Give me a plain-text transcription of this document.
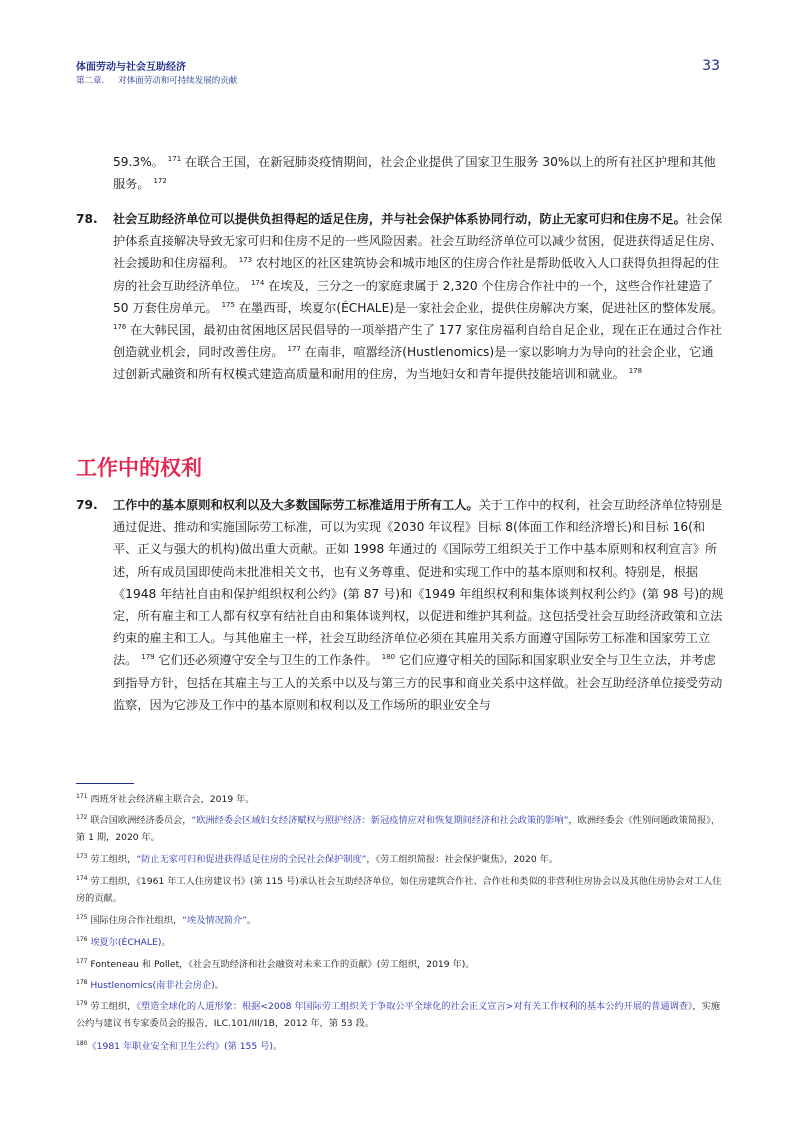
体面劳动与社会互助经济
第二章. 对体面劳动和可持续发展的贡献
33
59.3%。 $^{171}$ 在联合王国，在新冠肺炎疫情期间，社会企业提供了国家卫生服务 30%以上的所有社区护理和其他服务。 $^{172}$
78. 社会互助经济单位可以提供负担得起的适足住房，并与社会保护体系协同行动，防止无家可归和住房不足。社会保护体系直接解决导致无家可归和住房不足的一些风险因素。社会互助经济单位可以减少贫困，促进获得适足住房、社会援助和住房福利。 $^{173}$ 农村地区的社区建筑协会和城市地区的住房合作社是帮助低收入人口获得负担得起的住房的社会互助经济单位。 $^{174}$ 在埃及，三分之一的家庭隶属于 2,320 个住房合作社中的一个，这些合作社建造了 50 万套住房单元。 $^{175}$ 在墨西哥，埃夏尔(ÉCHALE)是一家社会企业，提供住房解决方案，促进社区的整体发展。 $^{176}$ 在大韩民国，最初由贫困地区居民倡导的一项举措产生了 177 家住房福利自给自足企业，现在正在通过合作社创造就业机会，同时改善住房。 $^{177}$ 在南非，喧嚣经济(Hustlenomics)是一家以影响力为导向的社会企业，它通过创新式融资和所有权模式建造高质量和耐用的住房，为当地妇女和青年提供技能培训和就业。 $^{178}$
工作中的权利
79. 工作中的基本原则和权利以及大多数国际劳工标准适用于所有工人。关于工作中的权利，社会互助经济单位特别是通过促进、推动和实施国际劳工标准，可以为实现《2030 年议程》目标 8(体面工作和经济增长)和目标 16(和平、正义与强大的机构)做出重大贡献。正如 1998 年通过的《国际劳工组织关于工作中基本原则和权利宣言》所述，所有成员国即使尚未批准相关文书，也有义务尊重、促进和实现工作中的基本原则和权利。特别是，根据《1948 年结社自由和保护组织权利公约》(第 87 号)和《1949 年组织权利和集体谈判权利公约》(第 98 号)的规定，所有雇主和工人都有权享有结社自由和集体谈判权，以促进和维护其利益。这包括受社会互助经济政策和立法约束的雇主和工人。与其他雇主一样，社会互助经济单位必须在其雇用关系方面遵守国际劳工标准和国家劳工立法。 $^{179}$ 它们还必须遵守安全与卫生的工作条件。 $^{180}$ 它们应遵守相关的国际和国家职业安全与卫生立法，并考虑到指导方针，包括在其雇主与工人的关系中以及与第三方的民事和商业关系中这样做。社会互助经济单位接受劳动监察，因为它涉及工作中的基本原则和权利以及工作场所的职业安全与
$^{171}$ 西班牙社会经济雇主联合会，2019 年。
$^{172}$ 联合国欧洲经济委员会，“欧洲经委会区域妇女经济赋权与照护经济：新冠疫情应对和恢复期间经济和社会政策的影响”，欧洲经委会《性别问题政策简报》，第 1 期，2020 年。
$^{173}$ 劳工组织，“防止无家可归和促进获得适足住房的全民社会保护制度”，《劳工组织简报：社会保护聚焦》，2020 年。
$^{174}$ 劳工组织，《1961 年工人住房建议书》(第 115 号)承认社会互助经济单位，如住房建筑合作社、合作社和类似的非营利住房协会以及其他住房协会对工人住房的贡献。
$^{175}$ 国际住房合作社组织，“埃及情况简介”。
$^{176}$ 埃夏尔(ÉCHALE)。
$^{177}$ Fonteneau 和 Pollet，《社会互助经济和社会融资对未来工作的贡献》(劳工组织，2019 年)。
$^{178}$ Hustlenomics(南非社会房企)。
$^{179}$ 劳工组织，《塑造全球化的人道形象：根据<2008 年国际劳工组织关于争取公平全球化的社会正义宣言>对有关工作权利的基本公约开展的普通调查》，实施公约与建议书专家委员会的报告，ILC.101/III/1B，2012 年，第 53 段。
$^{180}$《1981 年职业安全和卫生公约》(第 155 号)。
